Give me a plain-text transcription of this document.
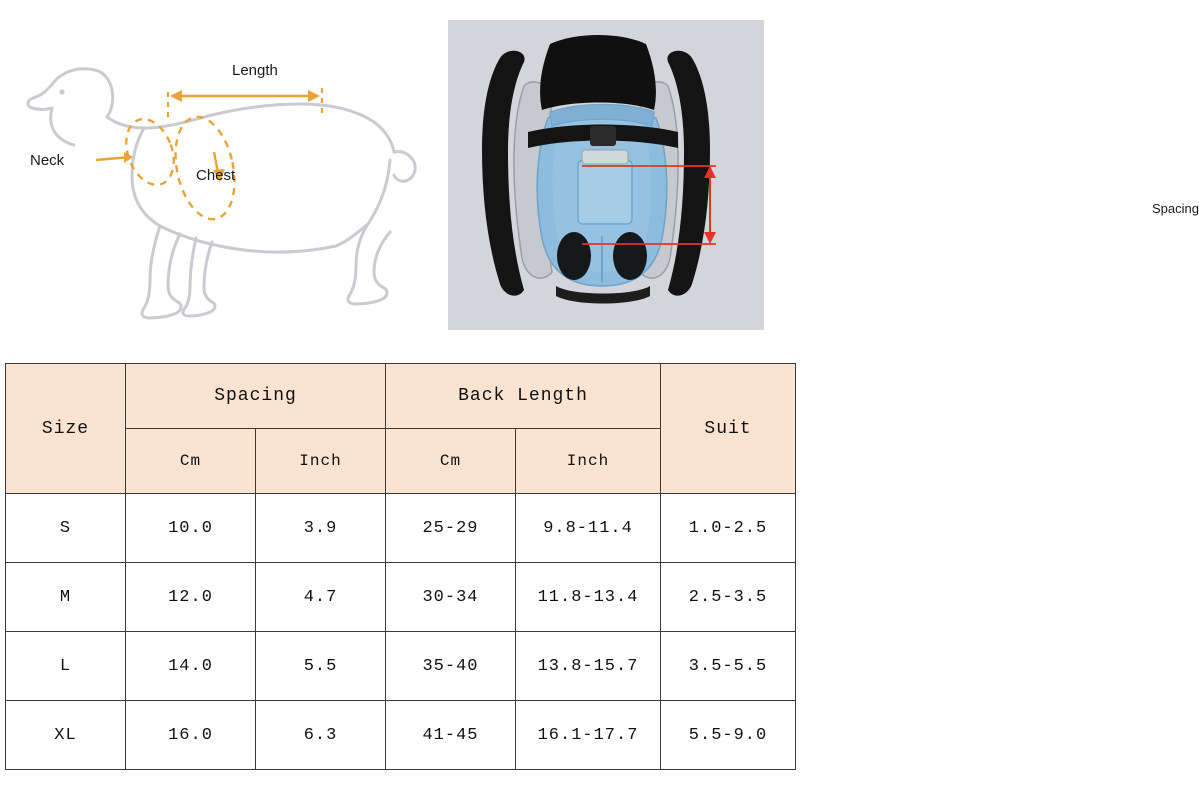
Neck
Chest
Length
Spacing
Size	Spacing		Back Length		Suit
	Cm	Inch	Cm	Inch	
S	10.0	3.9	25-29	9.8-11.4	1.0-2.5
M	12.0	4.7	30-34	11.8-13.4	2.5-3.5
L	14.0	5.5	35-40	13.8-15.7	3.5-5.5
XL	16.0	6.3	41-45	16.1-17.7	5.5-9.0
